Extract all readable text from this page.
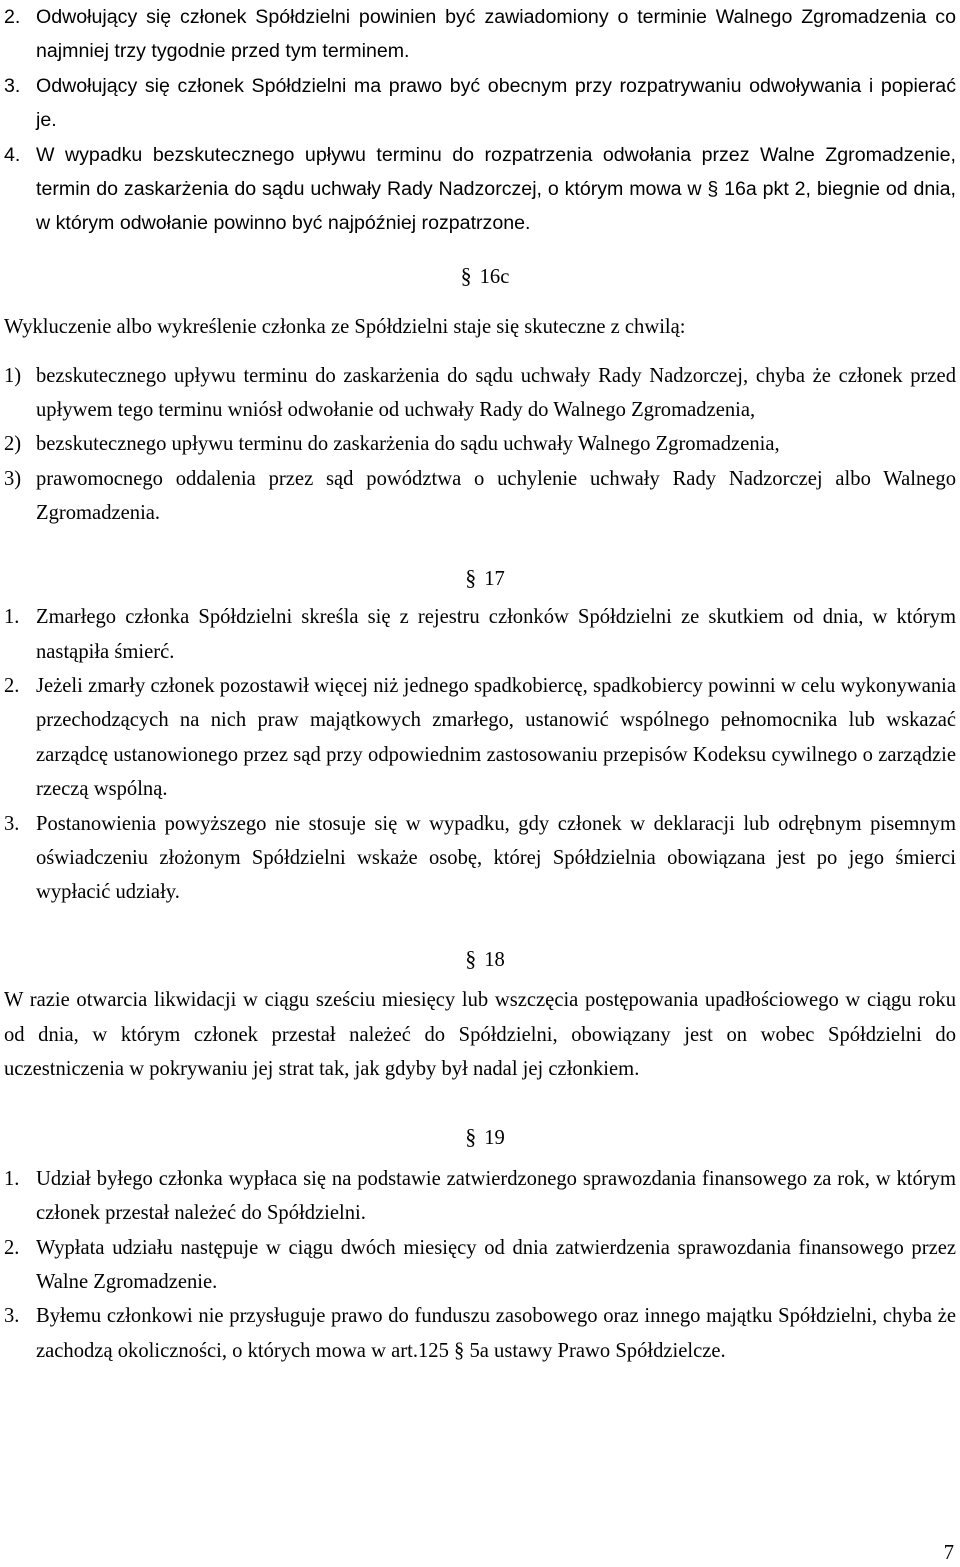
2. Odwołujący się członek Spółdzielni powinien być zawiadomiony o terminie Walnego Zgromadzenia co najmniej trzy tygodnie przed tym terminem.
3. Odwołujący się członek Spółdzielni ma prawo być obecnym przy rozpatrywaniu odwoływania i popierać je.
4. W wypadku bezskutecznego upływu terminu do rozpatrzenia odwołania przez Walne Zgromadzenie, termin do zaskarżenia do sądu uchwały Rady Nadzorczej, o którym mowa w § 16a pkt 2, biegnie od dnia, w którym odwołanie powinno być najpóźniej rozpatrzone.

§ 16c

Wykluczenie albo wykreślenie członka ze Spółdzielni staje się skuteczne z chwilą:

1) bezskutecznego upływu terminu do zaskarżenia do sądu uchwały Rady Nadzorczej, chyba że członek przed upływem tego terminu wniósł odwołanie od uchwały Rady do Walnego Zgromadzenia,
2) bezskutecznego upływu terminu do zaskarżenia do sądu uchwały Walnego Zgromadzenia,
3) prawomocnego oddalenia przez sąd powództwa o uchylenie uchwały Rady Nadzorczej albo Walnego Zgromadzenia.

§ 17

1. Zmarłego członka Spółdzielni skreśla się z rejestru członków Spółdzielni ze skutkiem od dnia, w którym nastąpiła śmierć.
2. Jeżeli zmarły członek pozostawił więcej niż jednego spadkobiercę, spadkobiercy powinni w celu wykonywania przechodzących na nich praw majątkowych zmarłego, ustanowić wspólnego pełnomocnika lub wskazać zarządcę ustanowionego przez sąd przy odpowiednim zastosowaniu przepisów Kodeksu cywilnego o zarządzie rzeczą wspólną.
3. Postanowienia powyższego nie stosuje się w wypadku, gdy członek w deklaracji lub odrębnym pisemnym oświadczeniu złożonym Spółdzielni wskaże osobę, której Spółdzielnia obowiązana jest po jego śmierci wypłacić udziały.

§ 18

W razie otwarcia likwidacji w ciągu sześciu miesięcy lub wszczęcia postępowania upadłościowego w ciągu roku od dnia, w którym członek przestał należeć do Spółdzielni, obowiązany jest on wobec Spółdzielni do uczestniczenia w pokrywaniu jej strat tak, jak gdyby był nadal jej członkiem.

§ 19

1. Udział byłego członka wypłaca się na podstawie zatwierdzonego sprawozdania finansowego za rok, w którym członek przestał należeć do Spółdzielni.
2. Wypłata udziału następuje w ciągu dwóch miesięcy od dnia zatwierdzenia sprawozdania finansowego przez Walne Zgromadzenie.
3. Byłemu członkowi nie przysługuje prawo do funduszu zasobowego oraz innego majątku Spółdzielni, chyba że zachodzą okoliczności, o których mowa w art.125 § 5a ustawy Prawo Spółdzielcze.
7
